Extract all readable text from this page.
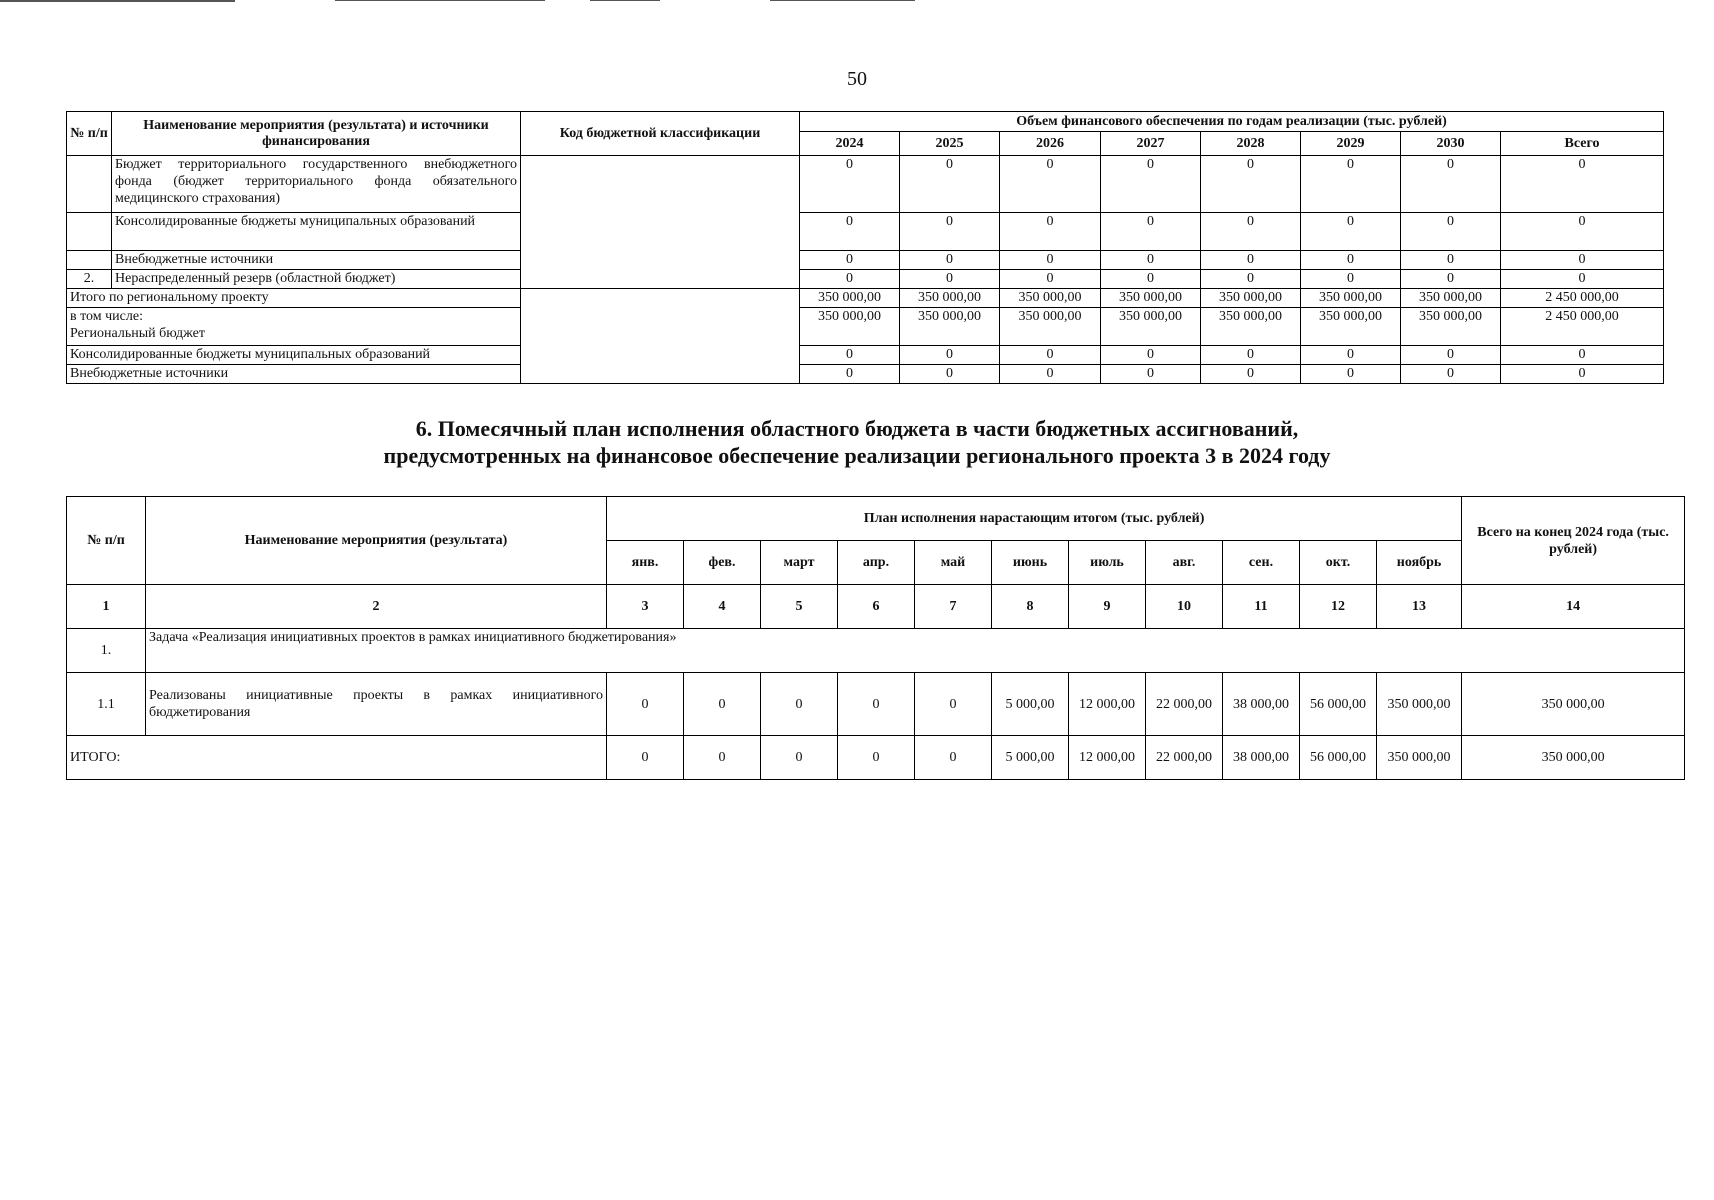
50
№ п/п	Наименование мероприятия (результата) и источники финансирования	Код бюджетной классификации	Объем финансового обеспечения по годам реализации (тыс. рублей)							
			2024	2025	2026	2027	2028	2029	2030	Всего
	Бюджет территориального государственного внебюджетного фонда (бюджет территориального фонда обязательного медицинского страхования)		0	0	0	0	0	0	0	0
	Консолидированные бюджеты муниципальных образований		0	0	0	0	0	0	0	0
	Внебюджетные источники		0	0	0	0	0	0	0	0
2.	Нераспределенный резерв (областной бюджет)		0	0	0	0	0	0	0	0
Итого по региональному проекту			350 000,00	350 000,00	350 000,00	350 000,00	350 000,00	350 000,00	350 000,00	2 450 000,00

в том числе:
Региональный бюджет			350 000,00	350 000,00	350 000,00	350 000,00	350 000,00	350 000,00	350 000,00	2 450 000,00
Консолидированные бюджеты муниципальных образований			0	0	0	0	0	0	0	0
Внебюджетные источники			0	0	0	0	0	0	0	0
6. Помесячный план исполнения областного бюджета в части бюджетных ассигнований,
предусмотренных на финансовое обеспечение реализации регионального проекта 3 в 2024 году
№ п/п	Наименование мероприятия (результата)	План исполнения нарастающим итогом (тыс. рублей)											Всего на конец 2024 года (тыс. рублей)
		янв.	фев.	март	апр.	май	июнь	июль	авг.	сен.	окт.	ноябрь	
1	2	3	4	5	6	7	8	9	10	11	12	13	14
1.	Задача «Реализация инициативных проектов в рамках инициативного бюджетирования»												
1.1	Реализованы инициативные проекты в рамках инициативного бюджетирования	0	0	0	0	0	5 000,00	12 000,00	22 000,00	38 000,00	56 000,00	350 000,00	350 000,00
ИТОГО:		0	0	0	0	0	5 000,00	12 000,00	22 000,00	38 000,00	56 000,00	350 000,00	350 000,00
